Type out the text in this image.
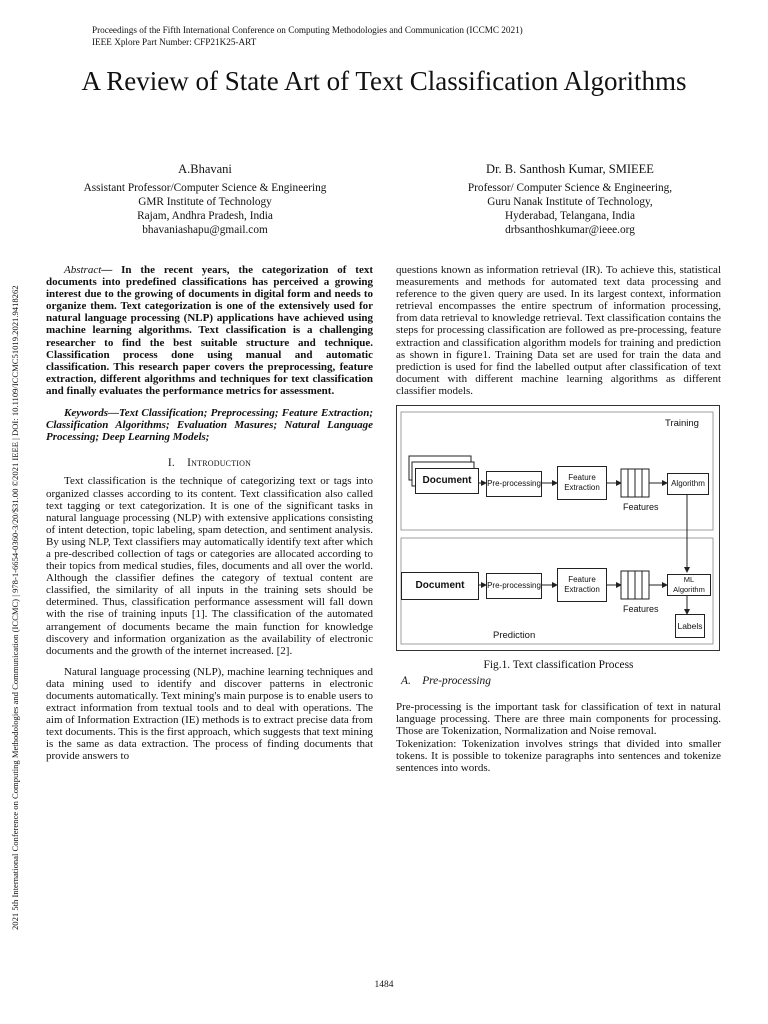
Proceedings of the Fifth International Conference on Computing Methodologies and Communication (ICCMC 2021)
IEEE Xplore Part Number: CFP21K25-ART
2021 5th International Conference on Computing Methodologies and Communication (ICCMC) | 978-1-6654-0360-3/20/$31.00 ©2021 IEEE | DOI: 10.1109/ICCMC51019.2021.9418262
A Review of State Art of Text Classification Algorithms
A.Bhavani
Assistant Professor/Computer Science & Engineering
GMR Institute of Technology
Rajam, Andhra Pradesh, India
bhavaniashapu@gmail.com
Dr. B. Santhosh Kumar, SMIEEE
Professor/ Computer Science & Engineering,
Guru Nanak Institute of Technology,
Hyderabad, Telangana, India
drbsanthoshkumar@ieee.org

Abstract— In the recent years, the categorization of text documents into predefined classifications has perceived a growing interest due to the growing of documents in digital form and needs to organize them. Text categorization is one of the extensively used for natural language processing (NLP) applications have achieved using machine learning algorithms. Text classification is a challenging researcher to find the best suitable structure and technique. Classification process done using manual and automatic classification. This research paper covers the preprocessing, feature extraction, different algorithms and techniques for text classification and finally evaluates the performance metrics for assessment.

Keywords—Text Classification; Preprocessing; Feature Extraction; Classification Algorithms; Evaluation Masures; Natural Language Processing; Deep Learning Models;

I. Introduction

Text classification is the technique of categorizing text or tags into organized classes according to its content. Text classification also called text tagging or text categorization. It is one of the significant tasks in natural language processing (NLP) with extensive applications consisting of intent detection, topic labeling, spam detection, and sentiment analysis. By using NLP, Text classifiers may automatically identify text after which a pre-described collection of tags or categories are allocated according to their topics from medical studies, files, documents and all over the world. Although the classifier defines the category of textual content are classified, the similarity of all inputs in the training sets should be determined. Thus, classification performance assessment will fall down with the rise of training inputs [1]. The classification of the automated arrangement of documents became the main function for knowledge discovery and information organization as the availability of electronic documents and the growth of the internet increased. [2].

Natural language processing (NLP), machine learning techniques and data mining used to identify and discover patterns in electronic documents automatically. Text mining's main purpose is to enable users to extract information from textual tools and to deal with operations. The aim of Information Extraction (IE) methods is to extract precise data from text documents. This is the first approach, which suggests that text mining is the same as data extraction. The process of finding documents that provide answers to

questions known as information retrieval (IR). To achieve this, statistical measurements and methods for automated text data processing and reference to the given query are used. In its largest context, information retrieval encompasses the entire spectrum of information processing, from data retrieval to knowledge retrieval. Text classification contains the steps for processing classification are followed as pre-processing, feature extraction and classification algorithm models for training and prediction as shown in figure1. Training Data set are used for train the data and prediction is used for find the labelled output after classification of text document with different machine learning algorithms as different classifier models.

Training
Document	Pre-processing
Feature Extraction
Features
Algorithm
Document	Pre-processing
Feature Extraction
Features
ML Algorithm
Labels
Prediction

Fig.1. Text classification Process

A. Pre-processing

Pre-processing is the important task for classification of text in natural language processing. There are three main components for processing. Those are Tokenization, Normalization and Noise removal.

Tokenization: Tokenization involves strings that divided into smaller tokens. It is possible to tokenize paragraphs into sentences and tokenize sentences into words.

1484
